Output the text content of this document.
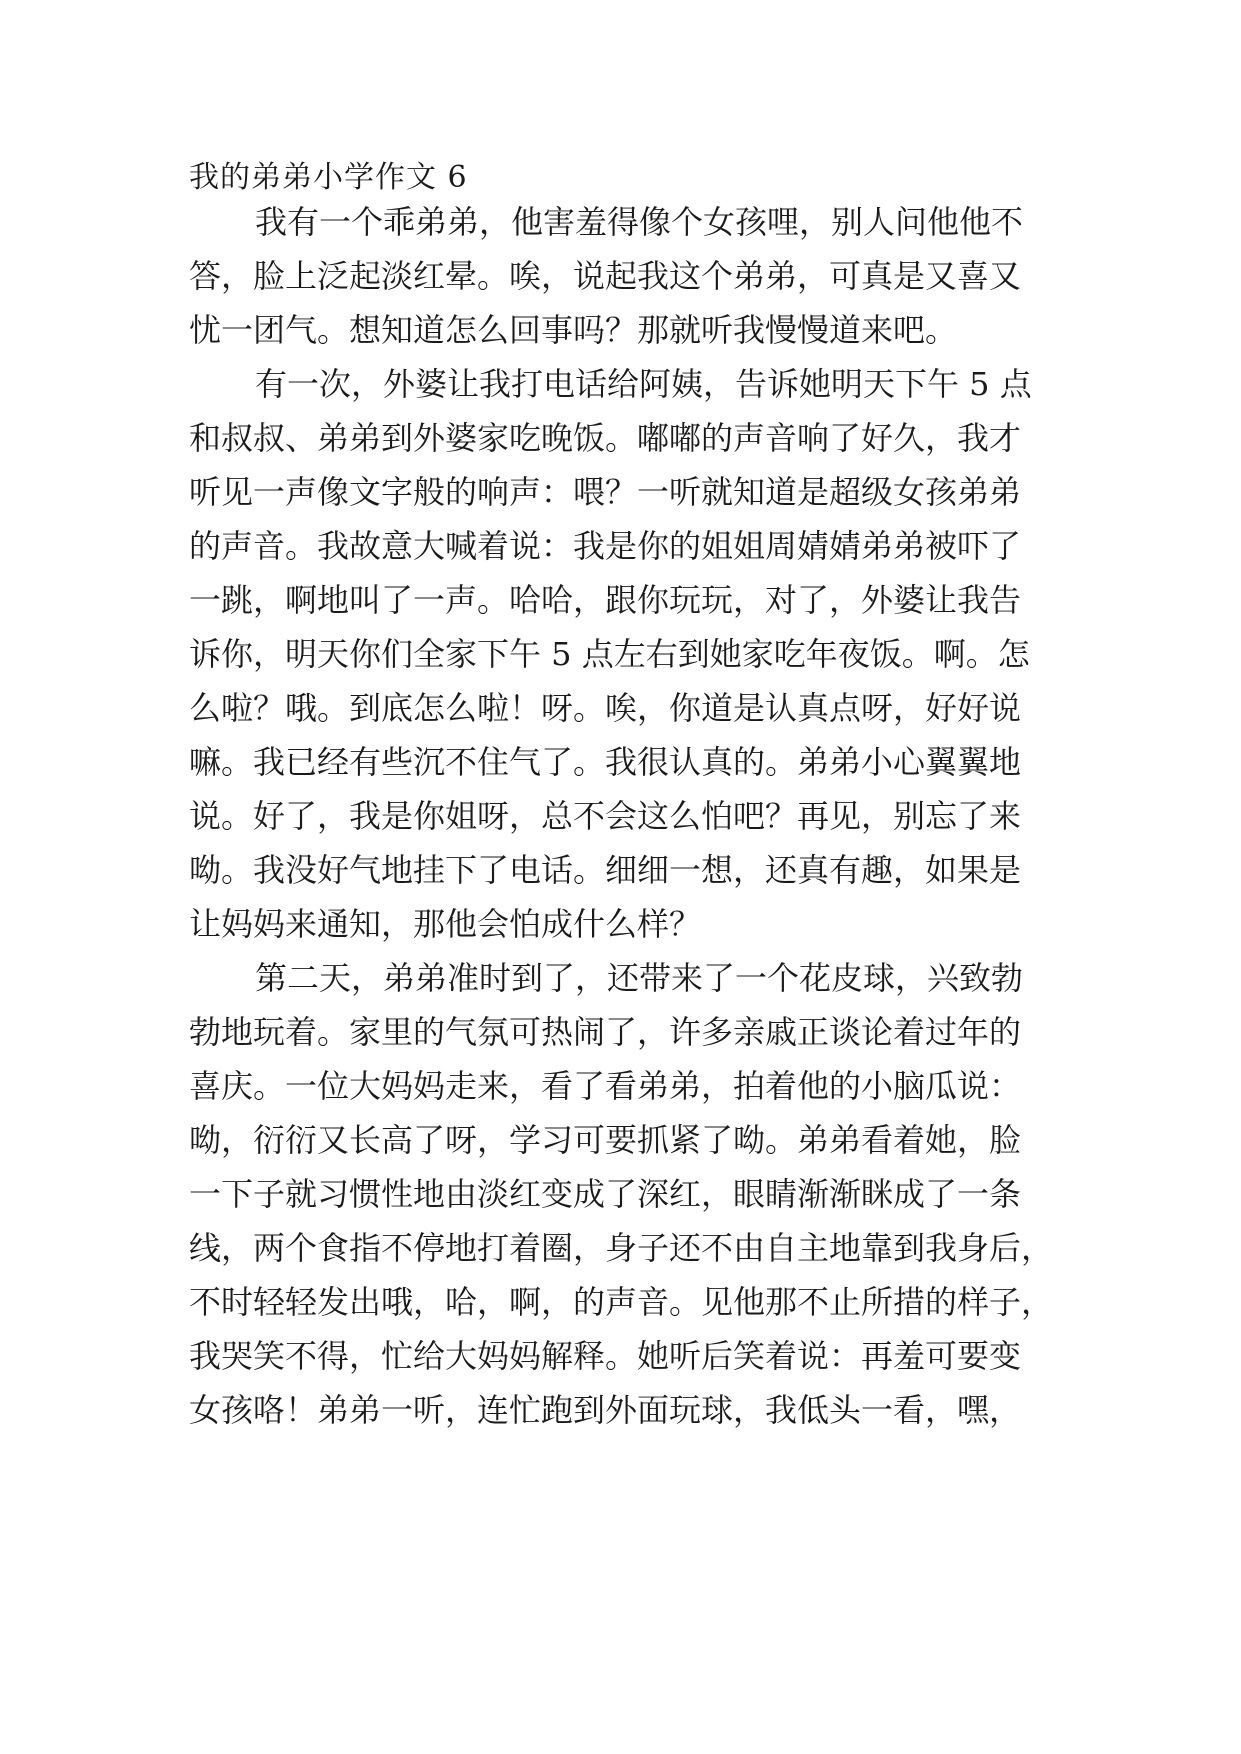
我的弟弟小学作文 6
我有一个乖弟弟，他害羞得像个女孩哩，别人问他他不
答，脸上泛起淡红晕。唉，说起我这个弟弟，可真是又喜又
忧一团气。想知道怎么回事吗？那就听我慢慢道来吧。
有一次，外婆让我打电话给阿姨，告诉她明天下午 5 点
和叔叔、弟弟到外婆家吃晚饭。嘟嘟的声音响了好久，我才
听见一声像文字般的响声：喂？一听就知道是超级女孩弟弟
的声音。我故意大喊着说：我是你的姐姐周婧婧弟弟被吓了
一跳，啊地叫了一声。哈哈，跟你玩玩，对了，外婆让我告
诉你，明天你们全家下午 5 点左右到她家吃年夜饭。啊。怎
么啦？哦。到底怎么啦！呀。唉，你道是认真点呀，好好说
嘛。我已经有些沉不住气了。我很认真的。弟弟小心翼翼地
说。好了，我是你姐呀，总不会这么怕吧？再见，别忘了来
呦。我没好气地挂下了电话。细细一想，还真有趣，如果是
让妈妈来通知，那他会怕成什么样？
第二天，弟弟准时到了，还带来了一个花皮球，兴致勃
勃地玩着。家里的气氛可热闹了，许多亲戚正谈论着过年的
喜庆。一位大妈妈走来，看了看弟弟，拍着他的小脑瓜说：
呦，衍衍又长高了呀，学习可要抓紧了呦。弟弟看着她，脸
一下子就习惯性地由淡红变成了深红，眼睛渐渐眯成了一条
线，两个食指不停地打着圈，身子还不由自主地靠到我身后，
不时轻轻发出哦，哈，啊，的声音。见他那不止所措的样子，
我哭笑不得，忙给大妈妈解释。她听后笑着说：再羞可要变
女孩咯！弟弟一听，连忙跑到外面玩球，我低头一看，嘿，
